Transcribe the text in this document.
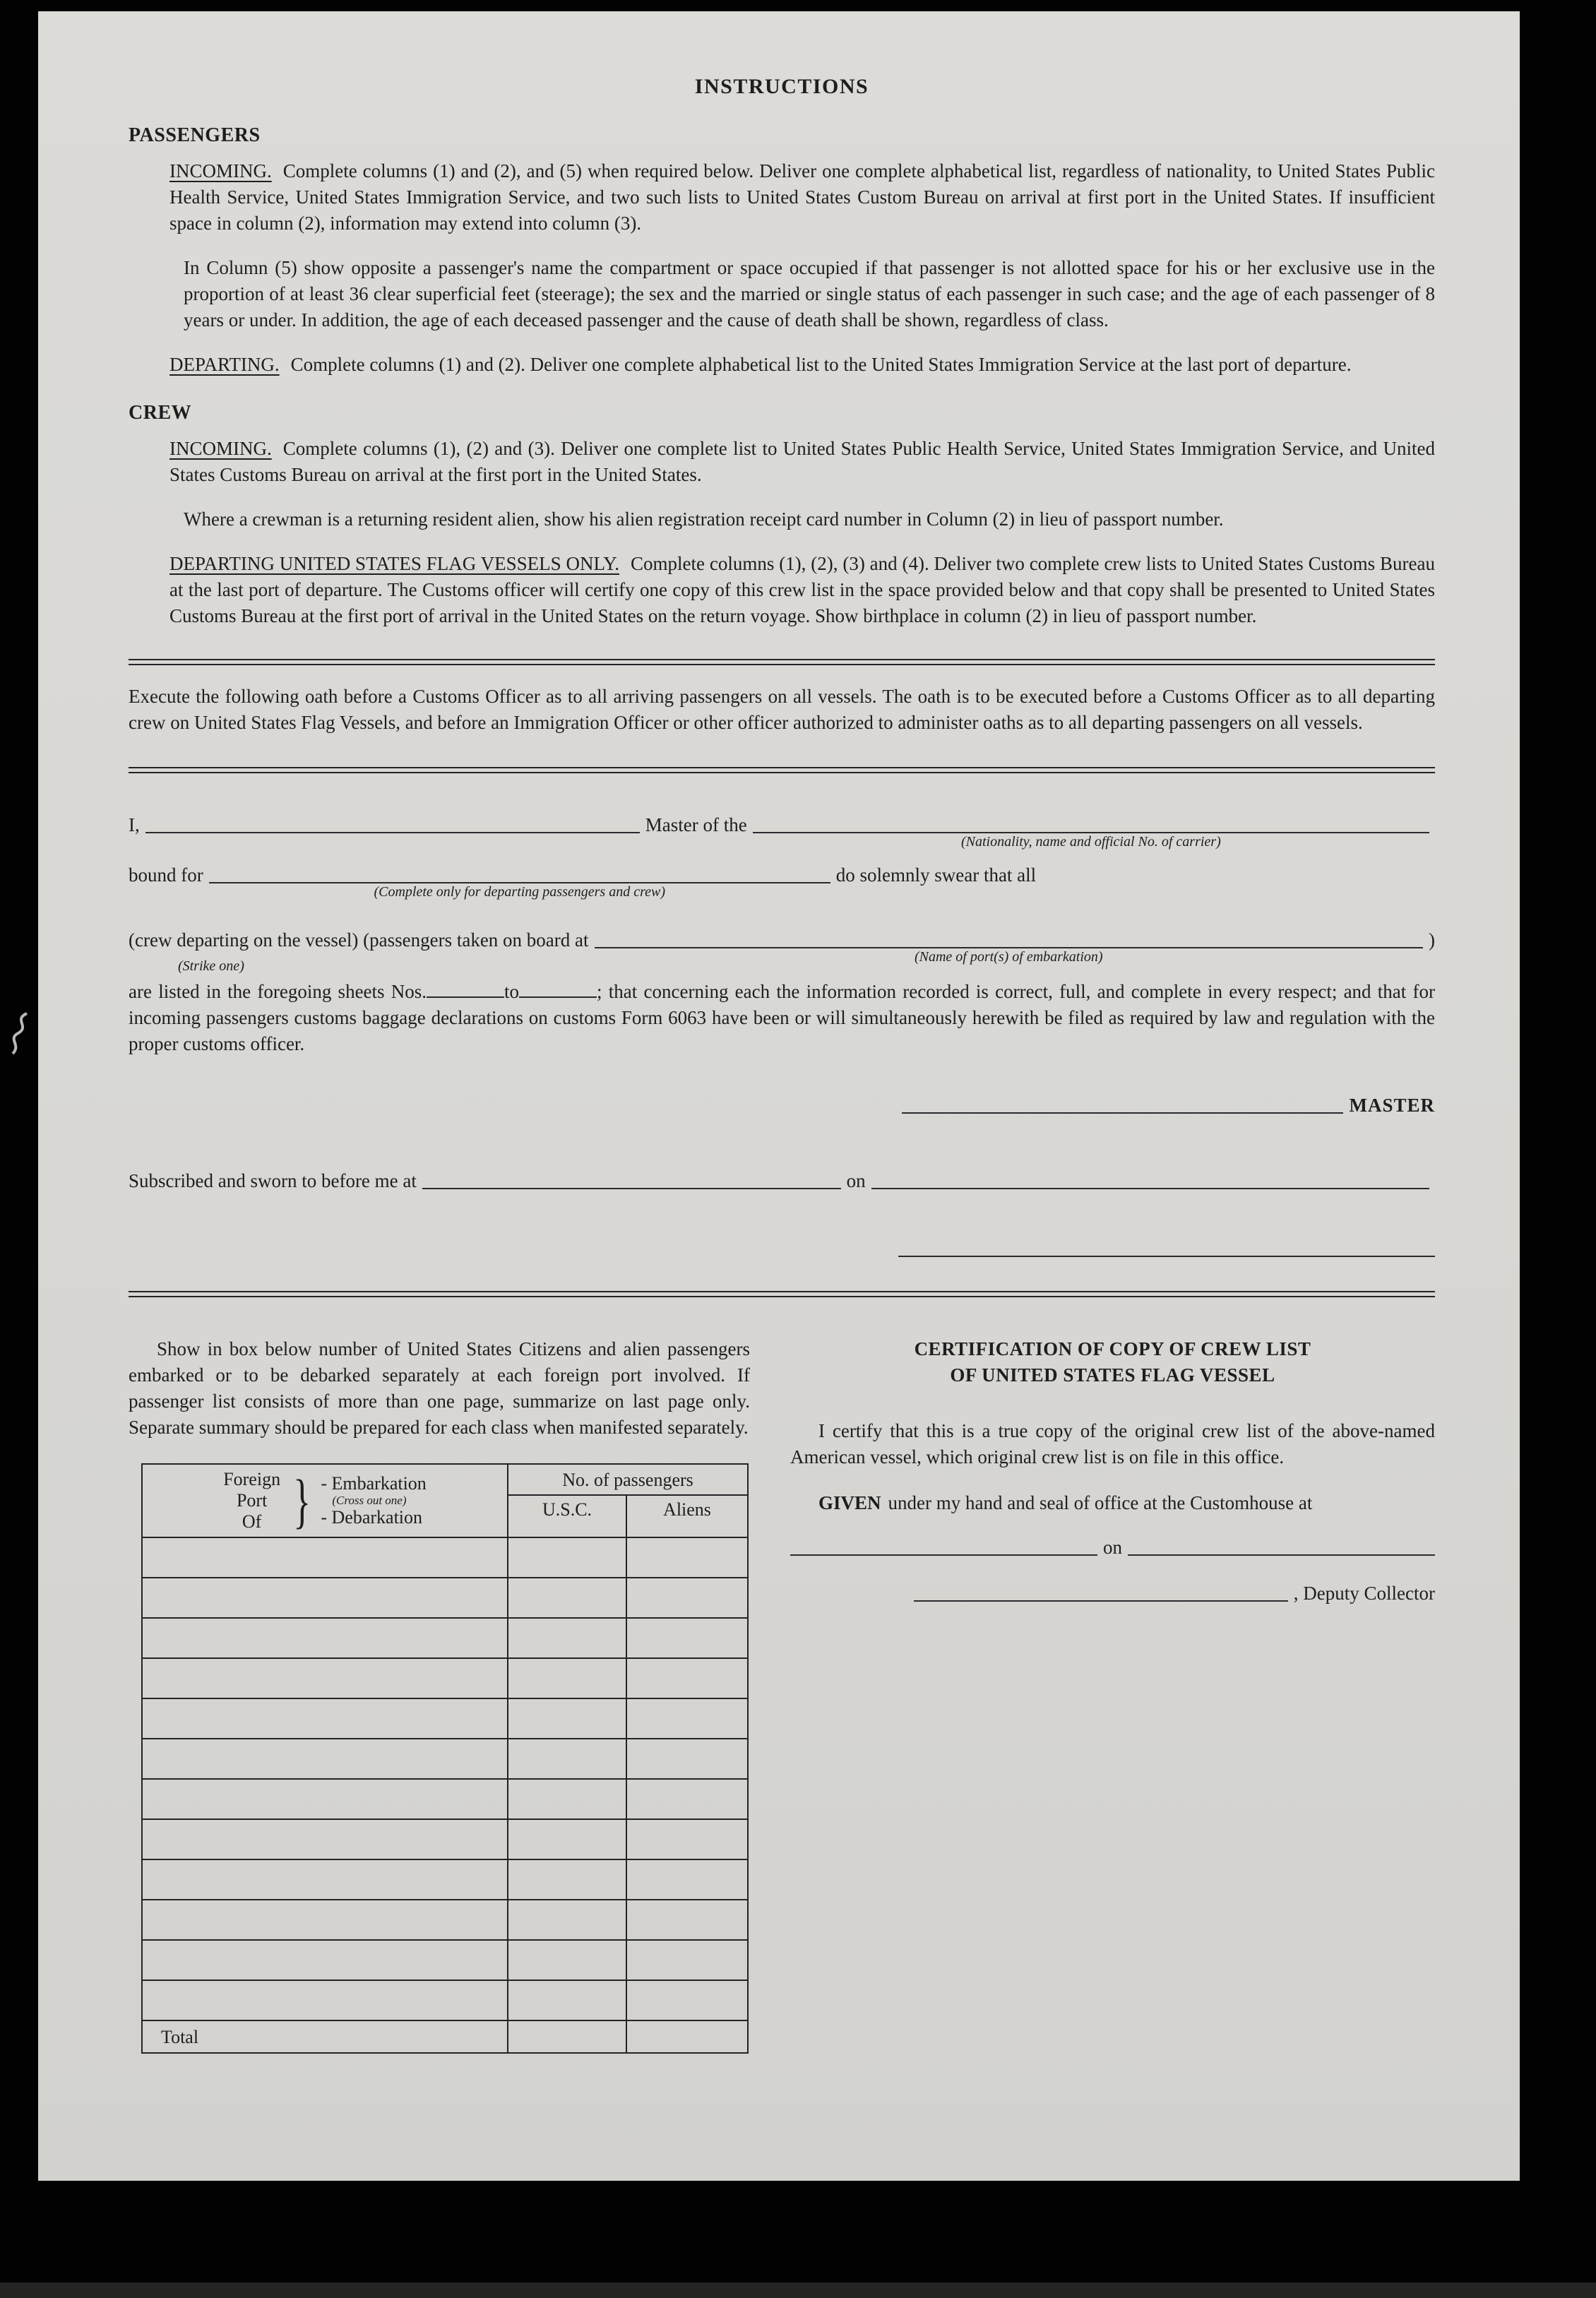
INSTRUCTIONS
PASSENGERS

INCOMING. Complete columns (1) and (2), and (5) when required below. Deliver one complete alphabetical list, regardless of nationality, to United States Public Health Service, United States Immigration Service, and two such lists to United States Custom Bureau on arrival at first port in the United States. If insufficient space in column (2), information may extend into column (3).

In Column (5) show opposite a passenger's name the compartment or space occupied if that passenger is not allotted space for his or her exclusive use in the proportion of at least 36 clear superficial feet (steerage); the sex and the married or single status of each passenger in such case; and the age of each passenger of 8 years or under. In addition, the age of each deceased passenger and the cause of death shall be shown, regardless of class.

DEPARTING. Complete columns (1) and (2). Deliver one complete alphabetical list to the United States Immigration Service at the last port of departure.

CREW

INCOMING. Complete columns (1), (2) and (3). Deliver one complete list to United States Public Health Service, United States Immigration Service, and United States Customs Bureau on arrival at the first port in the United States.

Where a crewman is a returning resident alien, show his alien registration receipt card number in Column (2) in lieu of passport number.

DEPARTING UNITED STATES FLAG VESSELS ONLY. Complete columns (1), (2), (3) and (4). Deliver two complete crew lists to United States Customs Bureau at the last port of departure. The Customs officer will certify one copy of this crew list in the space provided below and that copy shall be presented to United States Customs Bureau at the first port of arrival in the United States on the return voyage. Show birthplace in column (2) in lieu of passport number.

Execute the following oath before a Customs Officer as to all arriving passengers on all vessels. The oath is to be executed before a Customs Officer as to all departing crew on United States Flag Vessels, and before an Immigration Officer or other officer authorized to administer oaths as to all departing passengers on all vessels.

I,	Master of the
(Nationality, name and official No. of carrier)
bound for
(Complete only for departing passengers and crew)
do solemnly swear that all
(crew departing on the vessel) (passengers taken on board at
(Strike one)
(Name of port(s) of embarkation)
)

are listed in the foregoing sheets Nos.	to	; that concerning each the information recorded is correct, full, and complete in every respect; and that for incoming passengers customs baggage declarations on customs Form 6063 have been or will simultaneously herewith be filed as required by law and regulation with the proper customs officer.

MASTER
Subscribed and sworn to before me at	on

Show in box below number of United States Citizens and alien passengers embarked or to be debarked separately at each foreign port involved. If passenger list consists of more than one page, summarize on last page only. Separate summary should be prepared for each class when manifested separately.

Foreign
Port
Of } - Embarkation
(Cross out one)
- Debarkation
No. of passengers
U.S.C.	Aliens
Total

CERTIFICATION OF COPY OF CREW LIST

OF UNITED STATES FLAG VESSEL

I certify that this is a true copy of the original crew list of the above-named American vessel, which original crew list is on file in this office.

GIVEN under my hand and seal of office at the Customhouse at

on
, Deputy Collector
